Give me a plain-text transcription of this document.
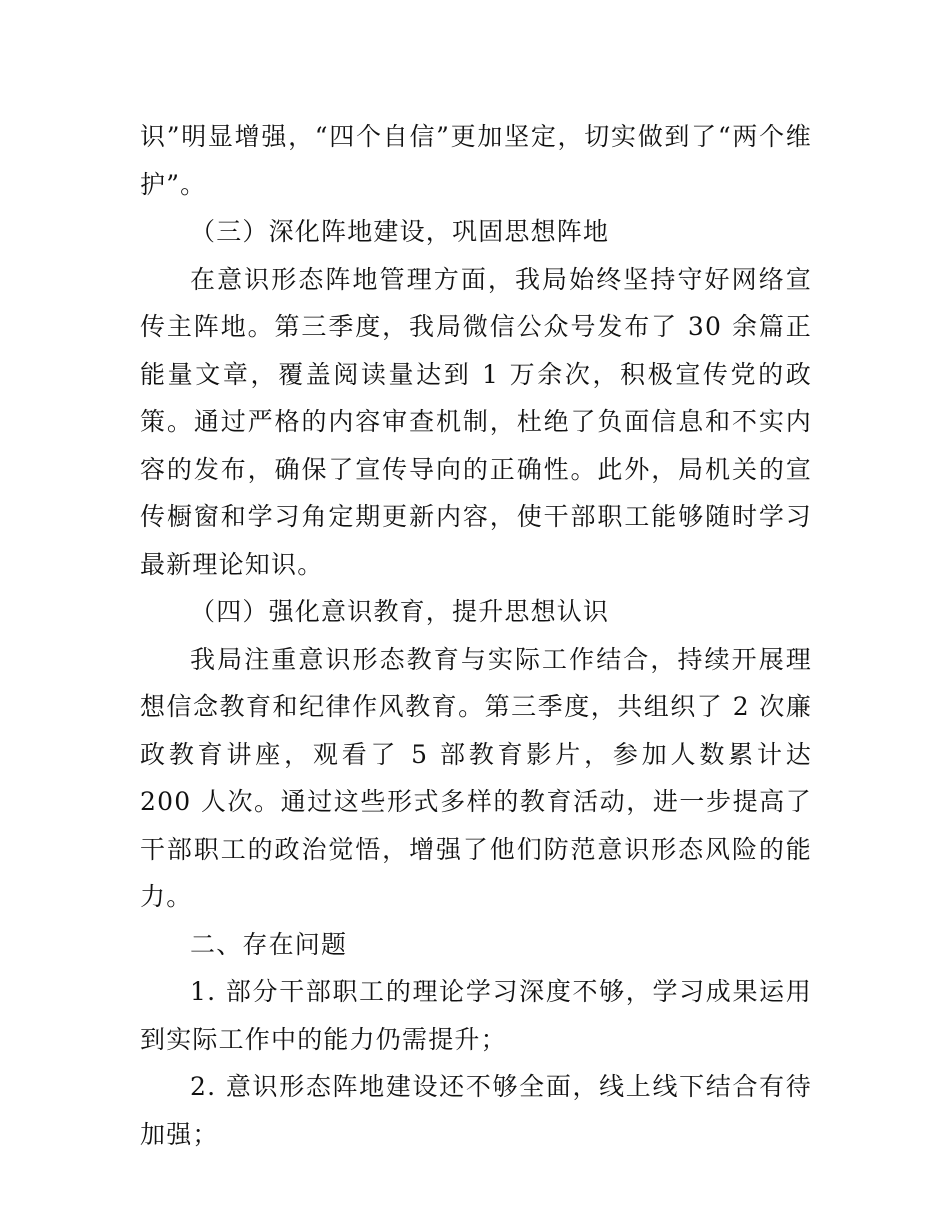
识”明显增强，“四个自信”更加坚定，切实做到了“两个维护”。

（三）深化阵地建设，巩固思想阵地

在意识形态阵地管理方面，我局始终坚持守好网络宣传主阵地。第三季度，我局微信公众号发布了 30 余篇正能量文章，覆盖阅读量达到 1 万余次，积极宣传党的政策。通过严格的内容审查机制，杜绝了负面信息和不实内容的发布，确保了宣传导向的正确性。此外，局机关的宣传橱窗和学习角定期更新内容，使干部职工能够随时学习最新理论知识。

（四）强化意识教育，提升思想认识

我局注重意识形态教育与实际工作结合，持续开展理想信念教育和纪律作风教育。第三季度，共组织了 2 次廉政教育讲座，观看了 5 部教育影片，参加人数累计达 200 人次。通过这些形式多样的教育活动，进一步提高了干部职工的政治觉悟，增强了他们防范意识形态风险的能力。

二、存在问题

1. 部分干部职工的理论学习深度不够，学习成果运用到实际工作中的能力仍需提升；

2. 意识形态阵地建设还不够全面，线上线下结合有待加强；
